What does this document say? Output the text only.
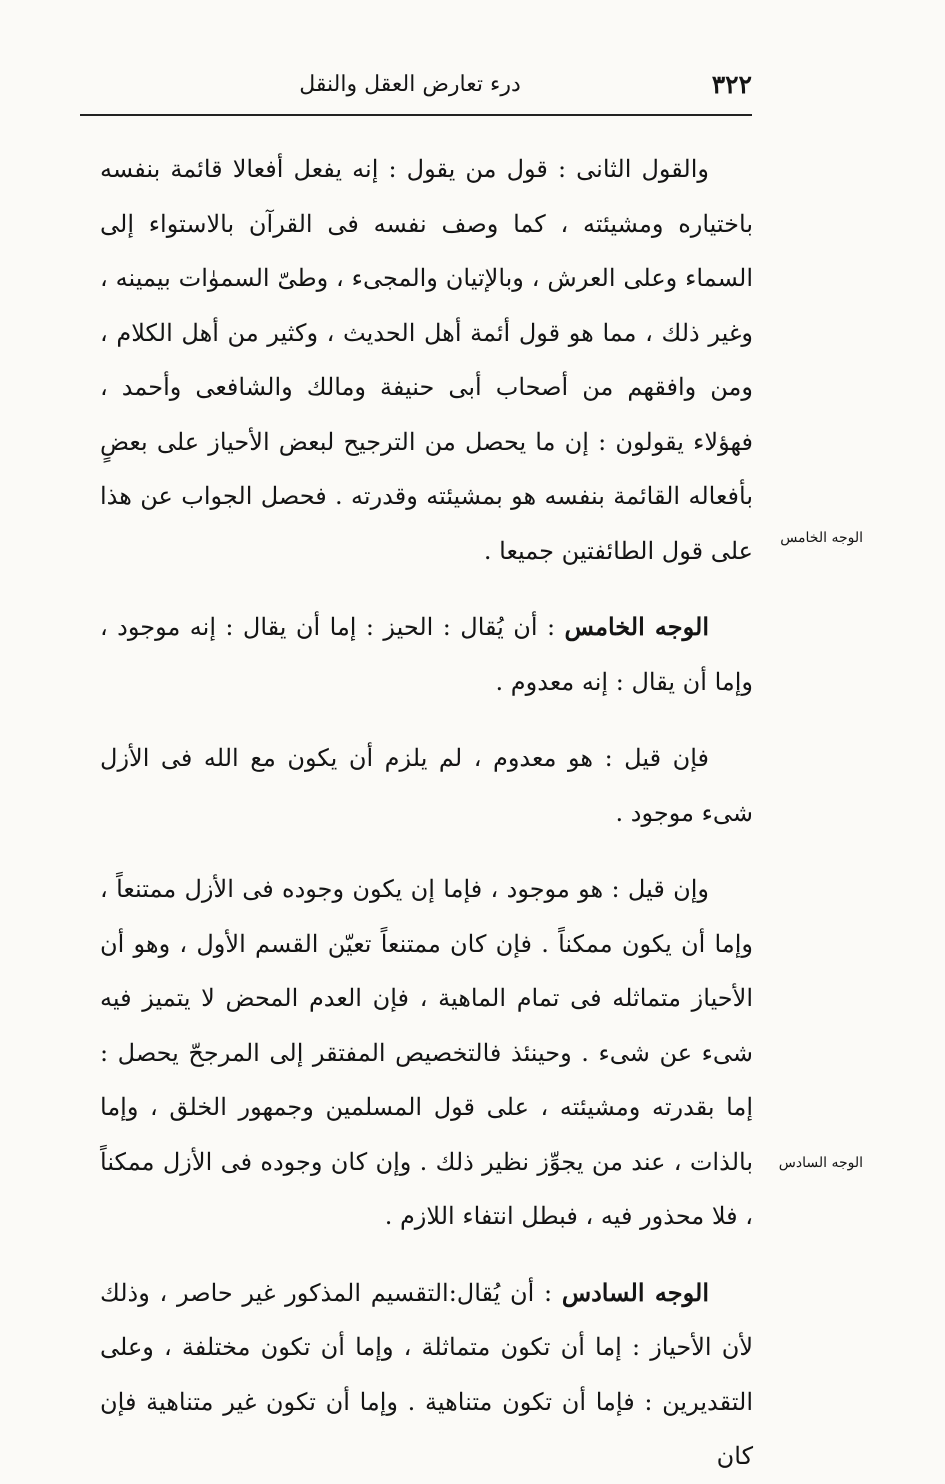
٣٢٢
درء تعارض العقل والنقل
الوجه الخامس
الوجه السادس

والقول الثانى : قول من يقول : إنه يفعل أفعالا قائمة بنفسه باختياره ومشيئته ، كما وصف نفسه فى القرآن بالاستواء إلى السماء وعلى العرش ، وبالإتيان والمجىء ، وطىّ السموٰات بيمينه ، وغير ذلك ، مما هو قول أئمة أهل الحديث ، وكثير من أهل الكلام ، ومن وافقهم من أصحاب أبى حنيفة ومالك والشافعى وأحمد ، فهؤلاء يقولون : إن ما يحصل من الترجيح لبعض الأحياز على بعضٍ بأفعاله القائمة بنفسه هو بمشيئته وقدرته . فحصل الجواب عن هذا على قول الطائفتين جميعا .

الوجه الخامس : أن يُقال : الحيز : إما أن يقال : إنه موجود ، وإما أن يقال : إنه معدوم .

فإن قيل : هو معدوم ، لم يلزم أن يكون مع الله فى الأزل شىء موجود .

وإن قيل : هو موجود ، فإما إن يكون وجوده فى الأزل ممتنعاً ، وإما أن يكون ممكناً . فإن كان ممتنعاً تعيّن القسم الأول ، وهو أن الأحياز متماثله فى تمام الماهية ، فإن العدم المحض لا يتميز فيه شىء عن شىء . وحينئذ فالتخصيص المفتقر إلى المرجحّ يحصل : إما بقدرته ومشيئته ، على قول المسلمين وجمهور الخلق ، وإما بالذات ، عند من يجوِّز نظير ذلك . وإن كان وجوده فى الأزل ممكناً ، فلا محذور فيه ، فبطل انتفاء اللازم .

الوجه السادس : أن يُقال:التقسيم المذكور غير حاصر ، وذلك لأن الأحياز : إما أن تكون متماثلة ، وإما أن تكون مختلفة ، وعلى التقديرين : فإما أن تكون متناهية . وإما أن تكون غير متناهية فإن كان
